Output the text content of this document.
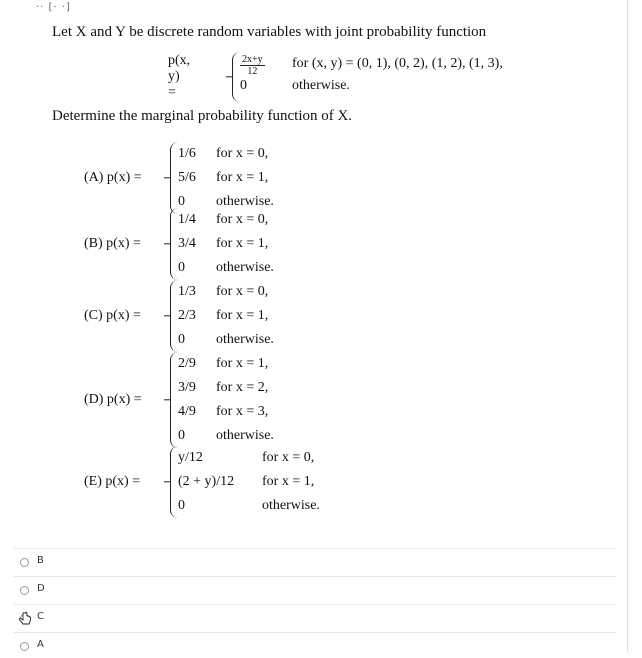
·· [· ·]
Let X and Y be discrete random variables with joint probability function
p(x, y) =
$\frac{2x+y}{12}$ for (x, y) = (0, 1), (0, 2), (1, 2), (1, 3),
0	otherwise.
Determine the marginal probability function of X.
(A) p(x) =
1/6 for x = 0,
5/6 for x = 1,
0 otherwise.
(B) p(x) =
1/4 for x = 0,
3/4 for x = 1,
0 otherwise.
(C) p(x) =
1/3 for x = 0,
2/3 for x = 1,
0 otherwise.
(D) p(x) =
2/9 for x = 1,
3/9 for x = 2,
4/9 for x = 3,
0 otherwise.
(E) p(x) =
y/12	for x = 0,
(2 + y)/12 for x = 1,
0	otherwise.
B
D
C
A
